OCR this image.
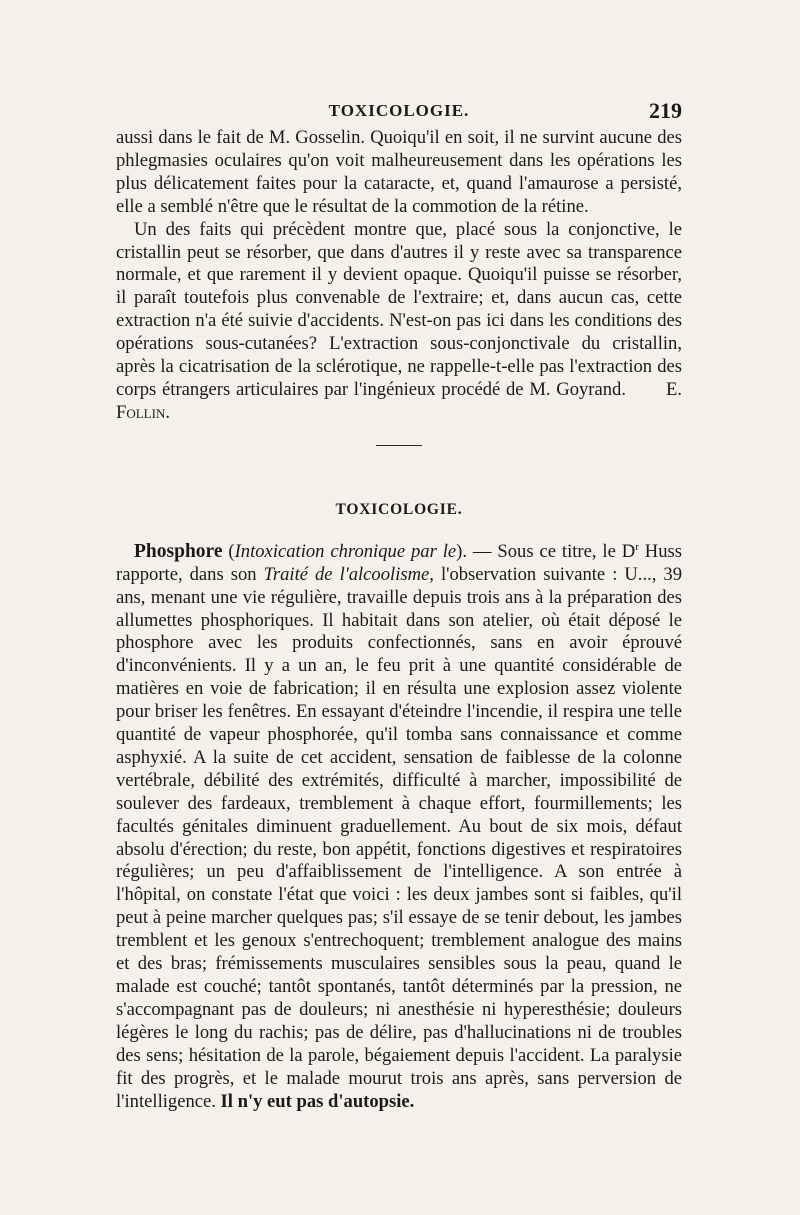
TOXICOLOGIE.	219

aussi dans le fait de M. Gosselin. Quoiqu'il en soit, il ne survint aucune des phlegmasies oculaires qu'on voit malheureusement dans les opérations les plus délicatement faites pour la cataracte, et, quand l'amaurose a persisté, elle a semblé n'être que le résultat de la commotion de la rétine.

Un des faits qui précèdent montre que, placé sous la conjonctive, le cristallin peut se résorber, que dans d'autres il y reste avec sa transparence normale, et que rarement il y devient opaque. Quoiqu'il puisse se résorber, il paraît toutefois plus convenable de l'extraire; et, dans aucun cas, cette extraction n'a été suivie d'accidents. N'est-on pas ici dans les conditions des opérations sous-cutanées? L'extraction sous-conjonctivale du cristallin, après la cicatrisation de la sclérotique, ne rappelle-t-elle pas l'extraction des corps étrangers articulaires par l'ingénieux procédé de M. Goyrand. E. Follin.

TOXICOLOGIE.

Phosphore (Intoxication chronique par le). — Sous ce titre, le $D^r$ Huss rapporte, dans son Traité de l'alcoolisme, l'observation suivante : U..., 39 ans, menant une vie régulière, travaille depuis trois ans à la préparation des allumettes phosphoriques. Il habitait dans son atelier, où était déposé le phosphore avec les produits confectionnés, sans en avoir éprouvé d'inconvénients. Il y a un an, le feu prit à une quantité considérable de matières en voie de fabrication; il en résulta une explosion assez violente pour briser les fenêtres. En essayant d'éteindre l'incendie, il respira une telle quantité de vapeur phosphorée, qu'il tomba sans connaissance et comme asphyxié. A la suite de cet accident, sensation de faiblesse de la colonne vertébrale, débilité des extrémités, difficulté à marcher, impossibilité de soulever des fardeaux, tremblement à chaque effort, fourmillements; les facultés génitales diminuent graduellement. Au bout de six mois, défaut absolu d'érection; du reste, bon appétit, fonctions digestives et respiratoires régulières; un peu d'affaiblissement de l'intelligence. A son entrée à l'hôpital, on constate l'état que voici : les deux jambes sont si faibles, qu'il peut à peine marcher quelques pas; s'il essaye de se tenir debout, les jambes tremblent et les genoux s'entrechoquent; tremblement analogue des mains et des bras; frémissements musculaires sensibles sous la peau, quand le malade est couché; tantôt spontanés, tantôt déterminés par la pression, ne s'accompagnant pas de douleurs; ni anesthésie ni hyperesthésie; douleurs légères le long du rachis; pas de délire, pas d'hallucinations ni de troubles des sens; hésitation de la parole, bégaiement depuis l'accident. La paralysie fit des progrès, et le malade mourut trois ans après, sans perversion de l'intelligence. Il n'y eut pas d'autopsie.
